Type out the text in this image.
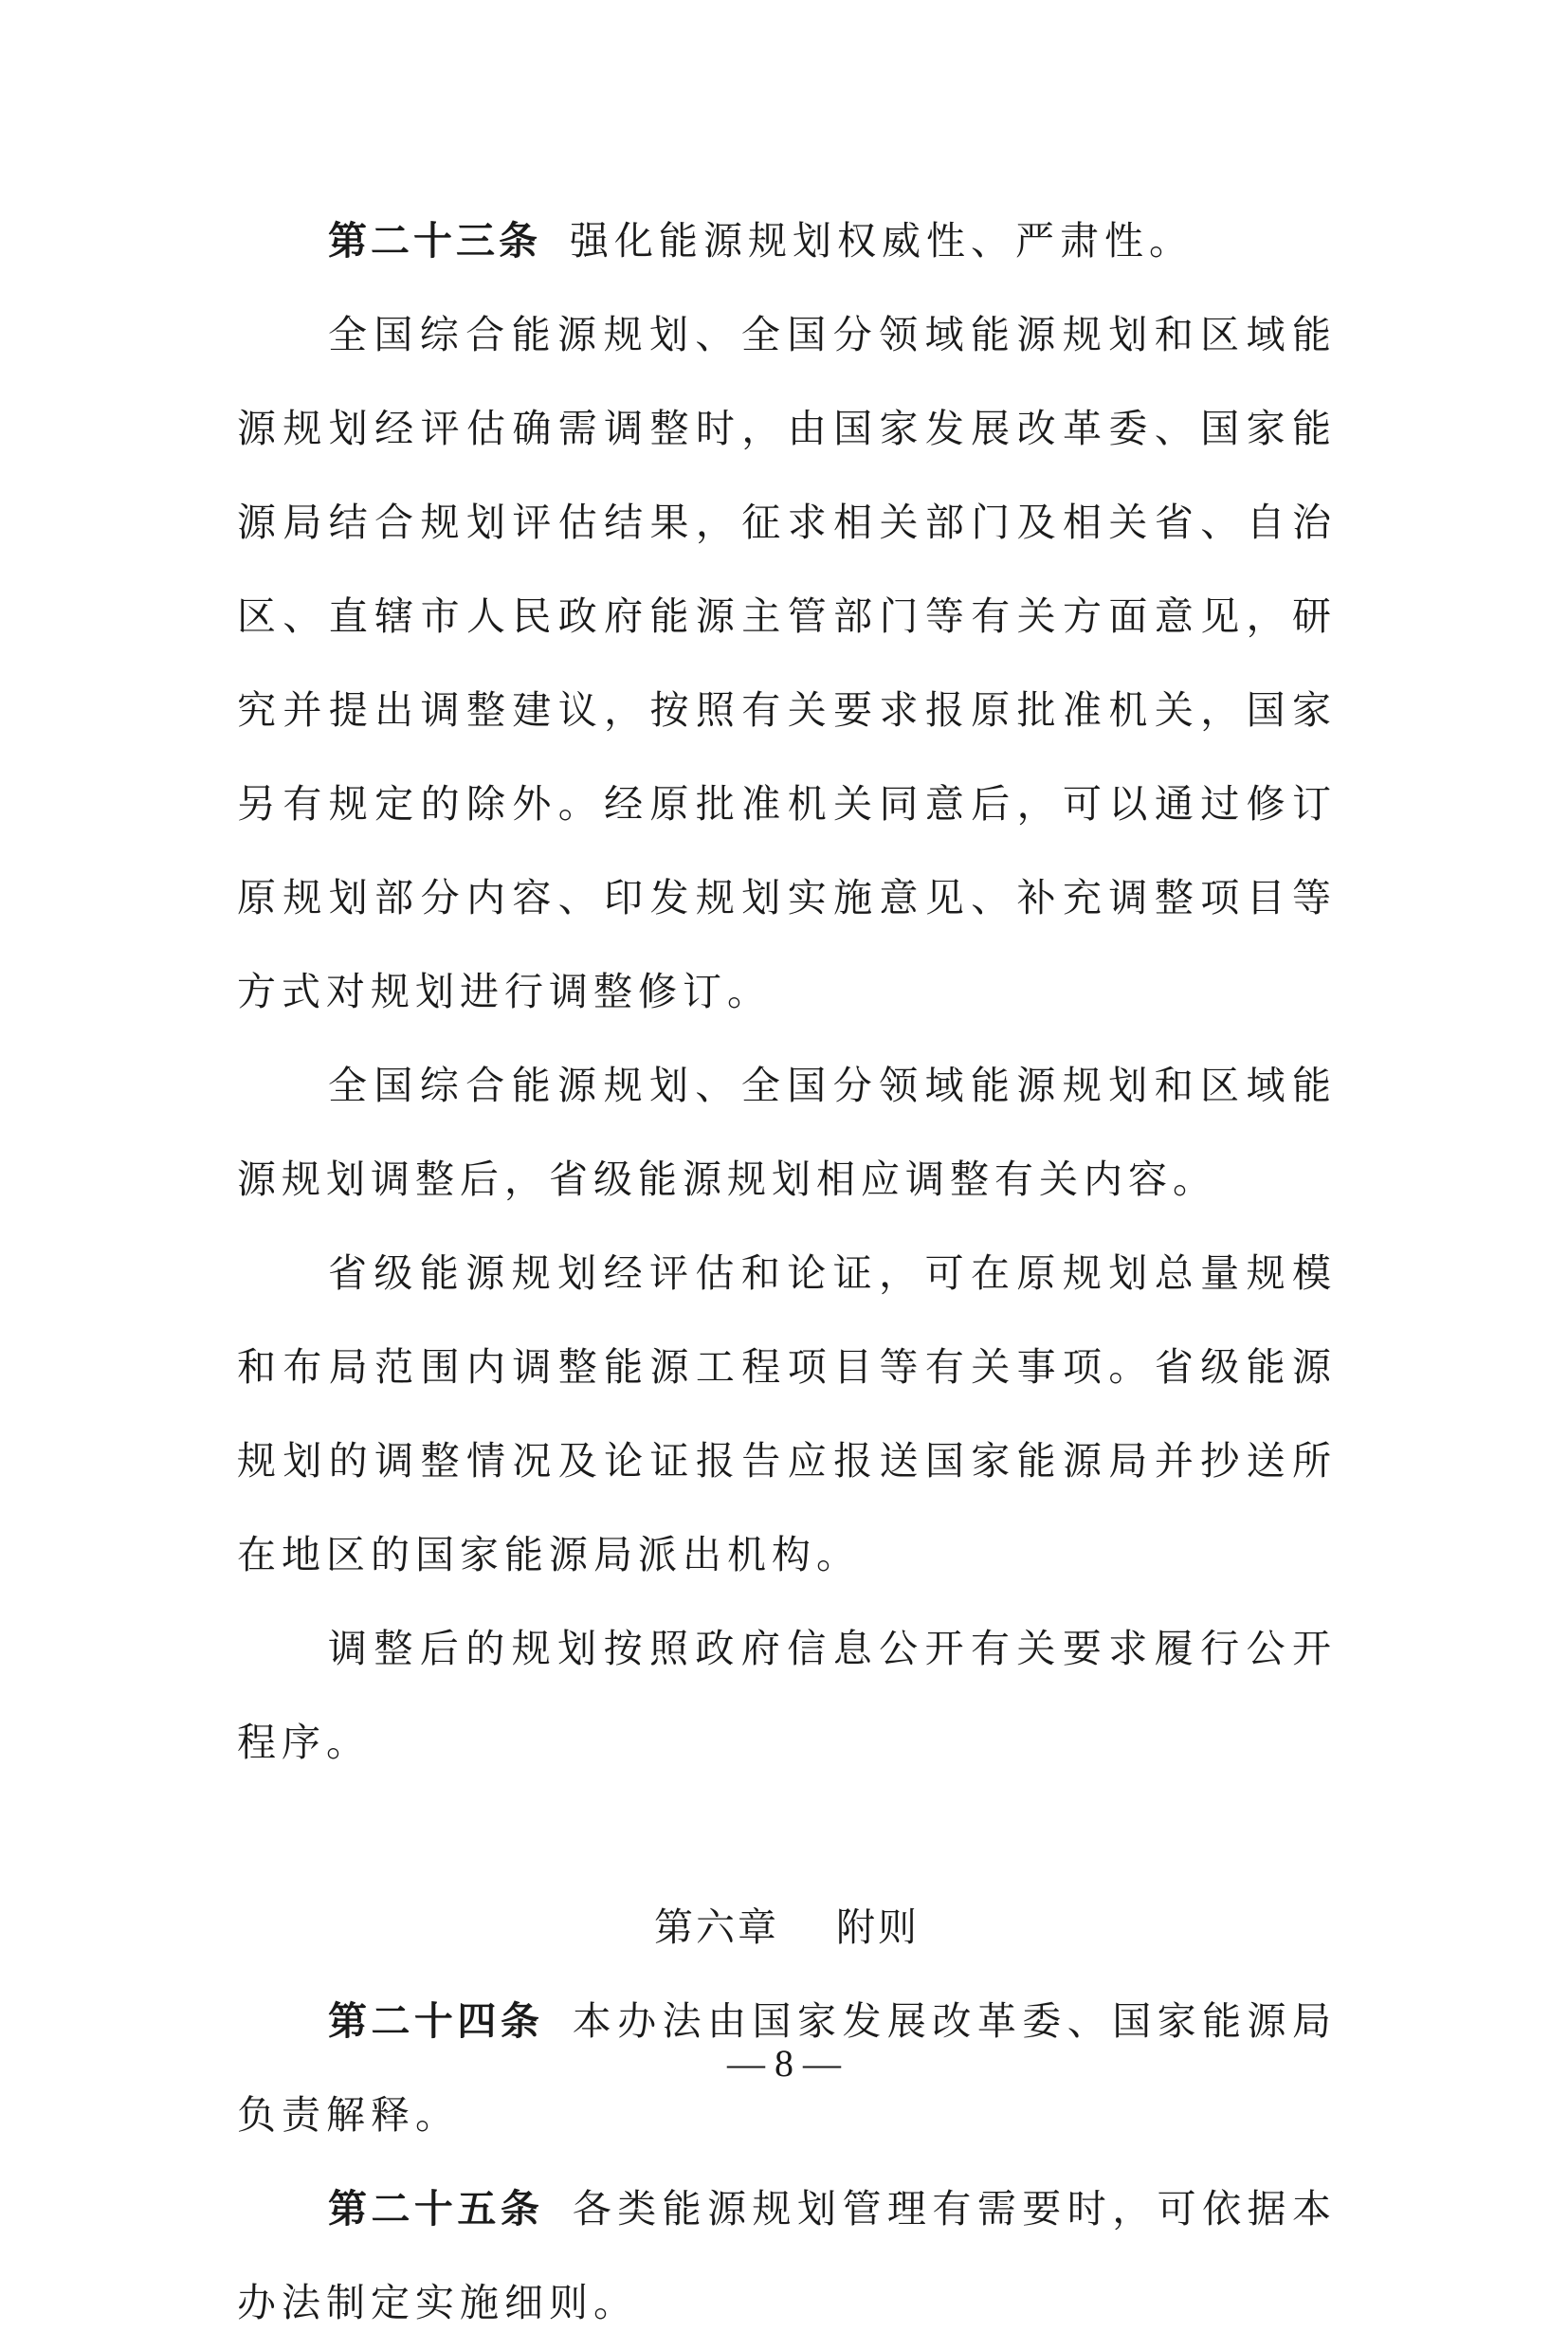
第二十三条 强化能源规划权威性、严肃性。

全国综合能源规划、全国分领域能源规划和区域能源规划经评估确需调整时，由国家发展改革委、国家能源局结合规划评估结果，征求相关部门及相关省、自治区、直辖市人民政府能源主管部门等有关方面意见，研究并提出调整建议，按照有关要求报原批准机关，国家另有规定的除外。经原批准机关同意后，可以通过修订原规划部分内容、印发规划实施意见、补充调整项目等方式对规划进行调整修订。

全国综合能源规划、全国分领域能源规划和区域能源规划调整后，省级能源规划相应调整有关内容。

省级能源规划经评估和论证，可在原规划总量规模和布局范围内调整能源工程项目等有关事项。省级能源规划的调整情况及论证报告应报送国家能源局并抄送所在地区的国家能源局派出机构。

调整后的规划按照政府信息公开有关要求履行公开程序。

第六章 附则

第二十四条 本办法由国家发展改革委、国家能源局负责解释。

第二十五条 各类能源规划管理有需要时，可依据本办法制定实施细则。

— 8 —
